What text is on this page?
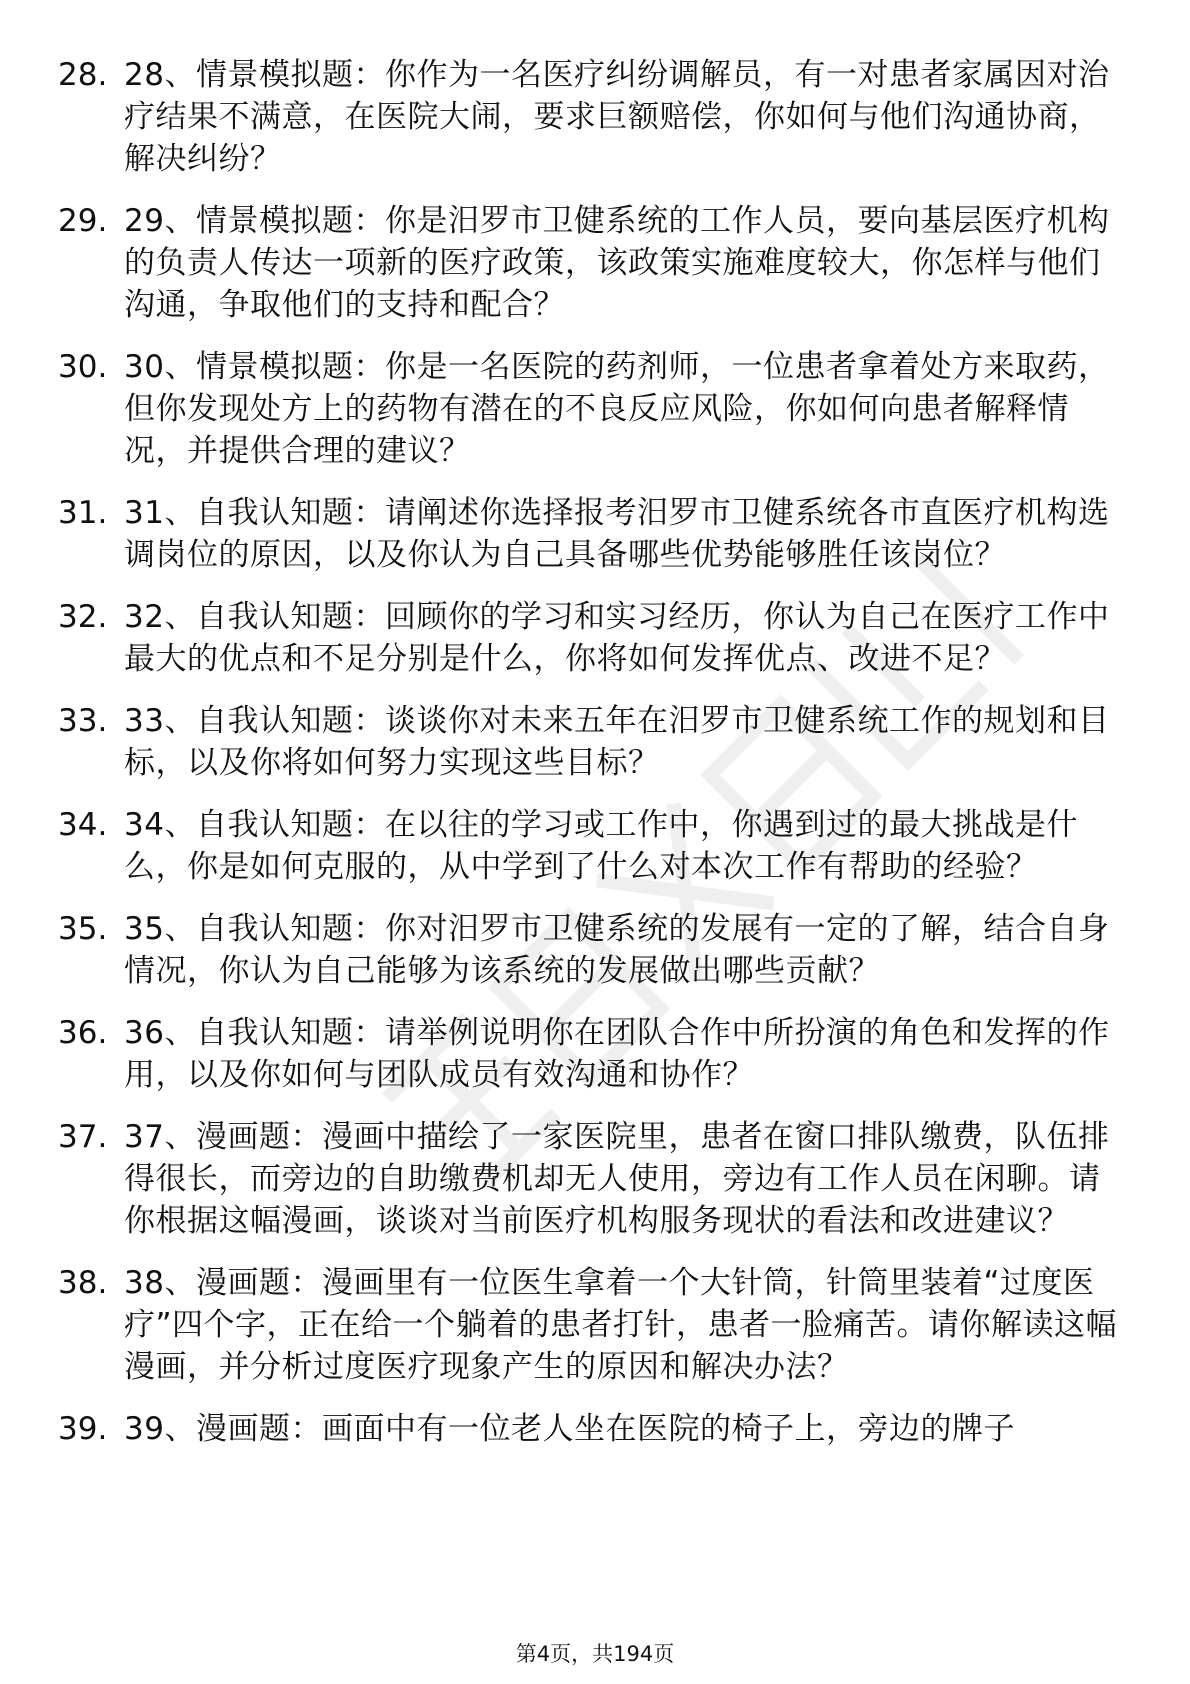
28. 28、情景模拟题：你作为一名医疗纠纷调解员，有一对患者家属因对治疗结果不满意，在医院大闹，要求巨额赔偿，你如何与他们沟通协商，解决纠纷？
29. 29、情景模拟题：你是汨罗市卫健系统的工作人员，要向基层医疗机构的负责人传达一项新的医疗政策，该政策实施难度较大，你怎样与他们沟通，争取他们的支持和配合？
30. 30、情景模拟题：你是一名医院的药剂师，一位患者拿着处方来取药，但你发现处方上的药物有潜在的不良反应风险，你如何向患者解释情况，并提供合理的建议？
31. 31、自我认知题：请阐述你选择报考汨罗市卫健系统各市直医疗机构选调岗位的原因，以及你认为自己具备哪些优势能够胜任该岗位？
32. 32、自我认知题：回顾你的学习和实习经历，你认为自己在医疗工作中最大的优点和不足分别是什么，你将如何发挥优点、改进不足？
33. 33、自我认知题：谈谈你对未来五年在汨罗市卫健系统工作的规划和目标，以及你将如何努力实现这些目标？
34. 34、自我认知题：在以往的学习或工作中，你遇到过的最大挑战是什么，你是如何克服的，从中学到了什么对本次工作有帮助的经验？
35. 35、自我认知题：你对汨罗市卫健系统的发展有一定的了解，结合自身情况，你认为自己能够为该系统的发展做出哪些贡献？
36. 36、自我认知题：请举例说明你在团队合作中所扮演的角色和发挥的作用，以及你如何与团队成员有效沟通和协作？
37. 37、漫画题：漫画中描绘了一家医院里，患者在窗口排队缴费，队伍排得很长，而旁边的自助缴费机却无人使用，旁边有工作人员在闲聊。请你根据这幅漫画，谈谈对当前医疗机构服务现状的看法和改进建议？
38. 38、漫画题：漫画里有一位医生拿着一个大针筒，针筒里装着“过度医疗”四个字，正在给一个躺着的患者打针，患者一脸痛苦。请你解读这幅漫画，并分析过度医疗现象产生的原因和解决办法？
39. 39、漫画题：画面中有一位老人坐在医院的椅子上，旁边的牌子
第4页，共194页
